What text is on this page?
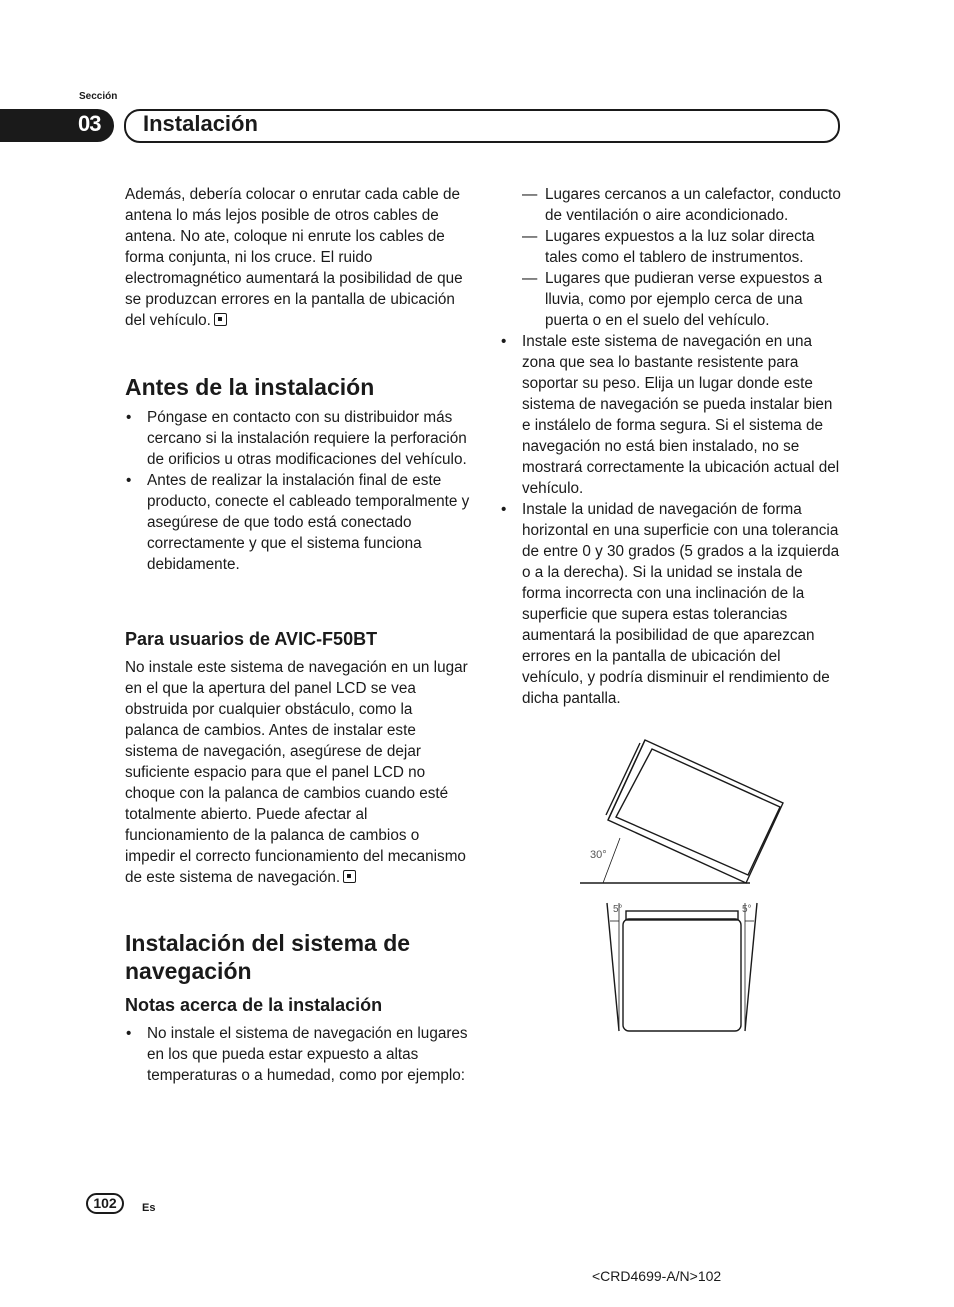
Sección
03 Instalación

Además, debería colocar o enrutar cada cable de antena lo más lejos posible de otros cables de antena. No ate, coloque ni enrute los cables de forma conjunta, ni los cruce. El ruido electromagnético aumentará la posibilidad de que se produzcan errores en la pantalla de ubicación del vehículo.

Antes de la instalación
• Póngase en contacto con su distribuidor más cercano si la instalación requiere la perforación de orificios u otras modificaciones del vehículo.
• Antes de realizar la instalación final de este producto, conecte el cableado temporalmente y asegúrese de que todo está conectado correctamente y que el sistema funciona debidamente.
Para usuarios de AVIC-F50BT

No instale este sistema de navegación en un lugar en el que la apertura del panel LCD se vea obstruida por cualquier obstáculo, como la palanca de cambios. Antes de instalar este sistema de navegación, asegúrese de dejar suficiente espacio para que el panel LCD no choque con la palanca de cambios cuando esté totalmente abierto. Puede afectar al funcionamiento de la palanca de cambios o impedir el correcto funcionamiento del mecanismo de este sistema de navegación.

Instalación del sistema de navegación
Notas acerca de la instalación
• No instale el sistema de navegación en lugares en los que pueda estar expuesto a altas temperaturas o a humedad, como por ejemplo:
— Lugares cercanos a un calefactor, conducto de ventilación o aire acondicionado.
— Lugares expuestos a la luz solar directa tales como el tablero de instrumentos.
— Lugares que pudieran verse expuestos a lluvia, como por ejemplo cerca de una puerta o en el suelo del vehículo.
• Instale este sistema de navegación en una zona que sea lo bastante resistente para soportar su peso. Elija un lugar donde este sistema de navegación se pueda instalar bien e instálelo de forma segura. Si el sistema de navegación no está bien instalado, no se mostrará correctamente la ubicación actual del vehículo.
• Instale la unidad de navegación de forma horizontal en una superficie con una tolerancia de entre 0 y 30 grados (5 grados a la izquierda o a la derecha). Si la unidad se instala de forma incorrecta con una inclinación de la superficie que supera estas tolerancias aumentará la posibilidad de que aparezcan errores en la pantalla de ubicación del vehículo, y podría disminuir el rendimiento de dicha pantalla.
30°
5°	5°
102	Es
<CRD4699-A/N>102
